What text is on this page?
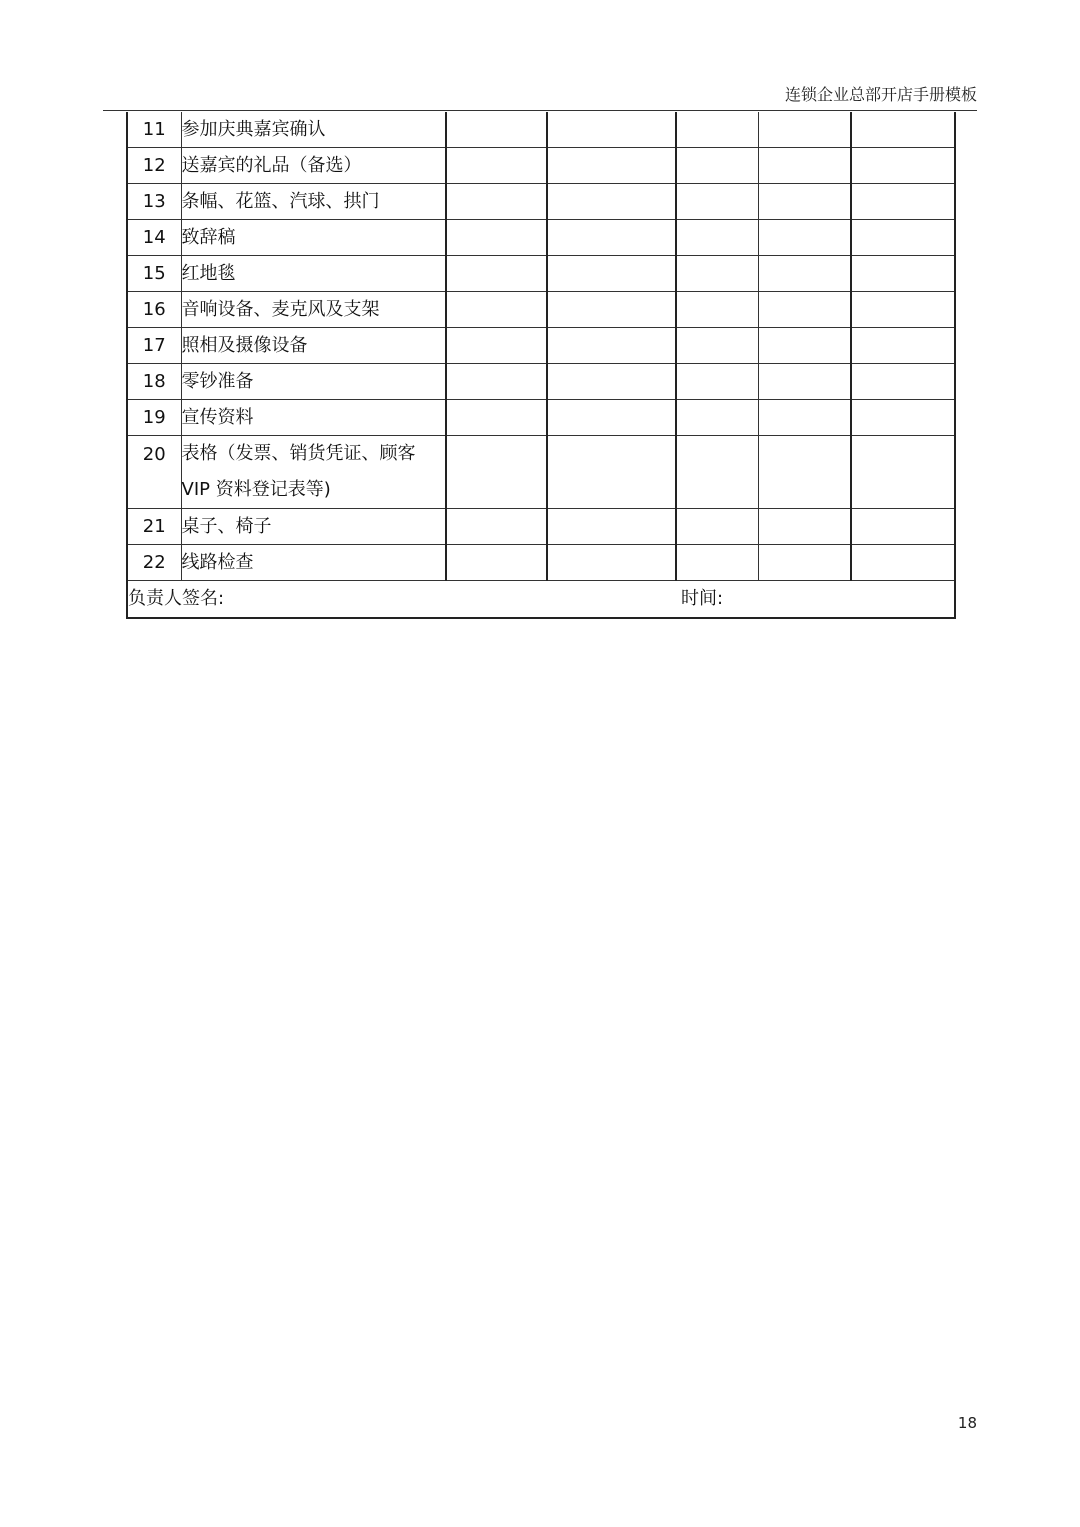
连锁企业总部开店手册模板
11	参加庆典嘉宾确认					
12	送嘉宾的礼品（备选）					
13	条幅、花篮、汽球、拱门					
14	致辞稿					
15	红地毯					
16	音响设备、麦克风及支架					
17	照相及摄像设备					
18	零钞准备					
19	宣传资料					
20	表格（发票、销货凭证、顾客
VIP 资料登记表等)					

21	桌子、椅子					
22	线路检查					

负责人签名: 时间:						
18
